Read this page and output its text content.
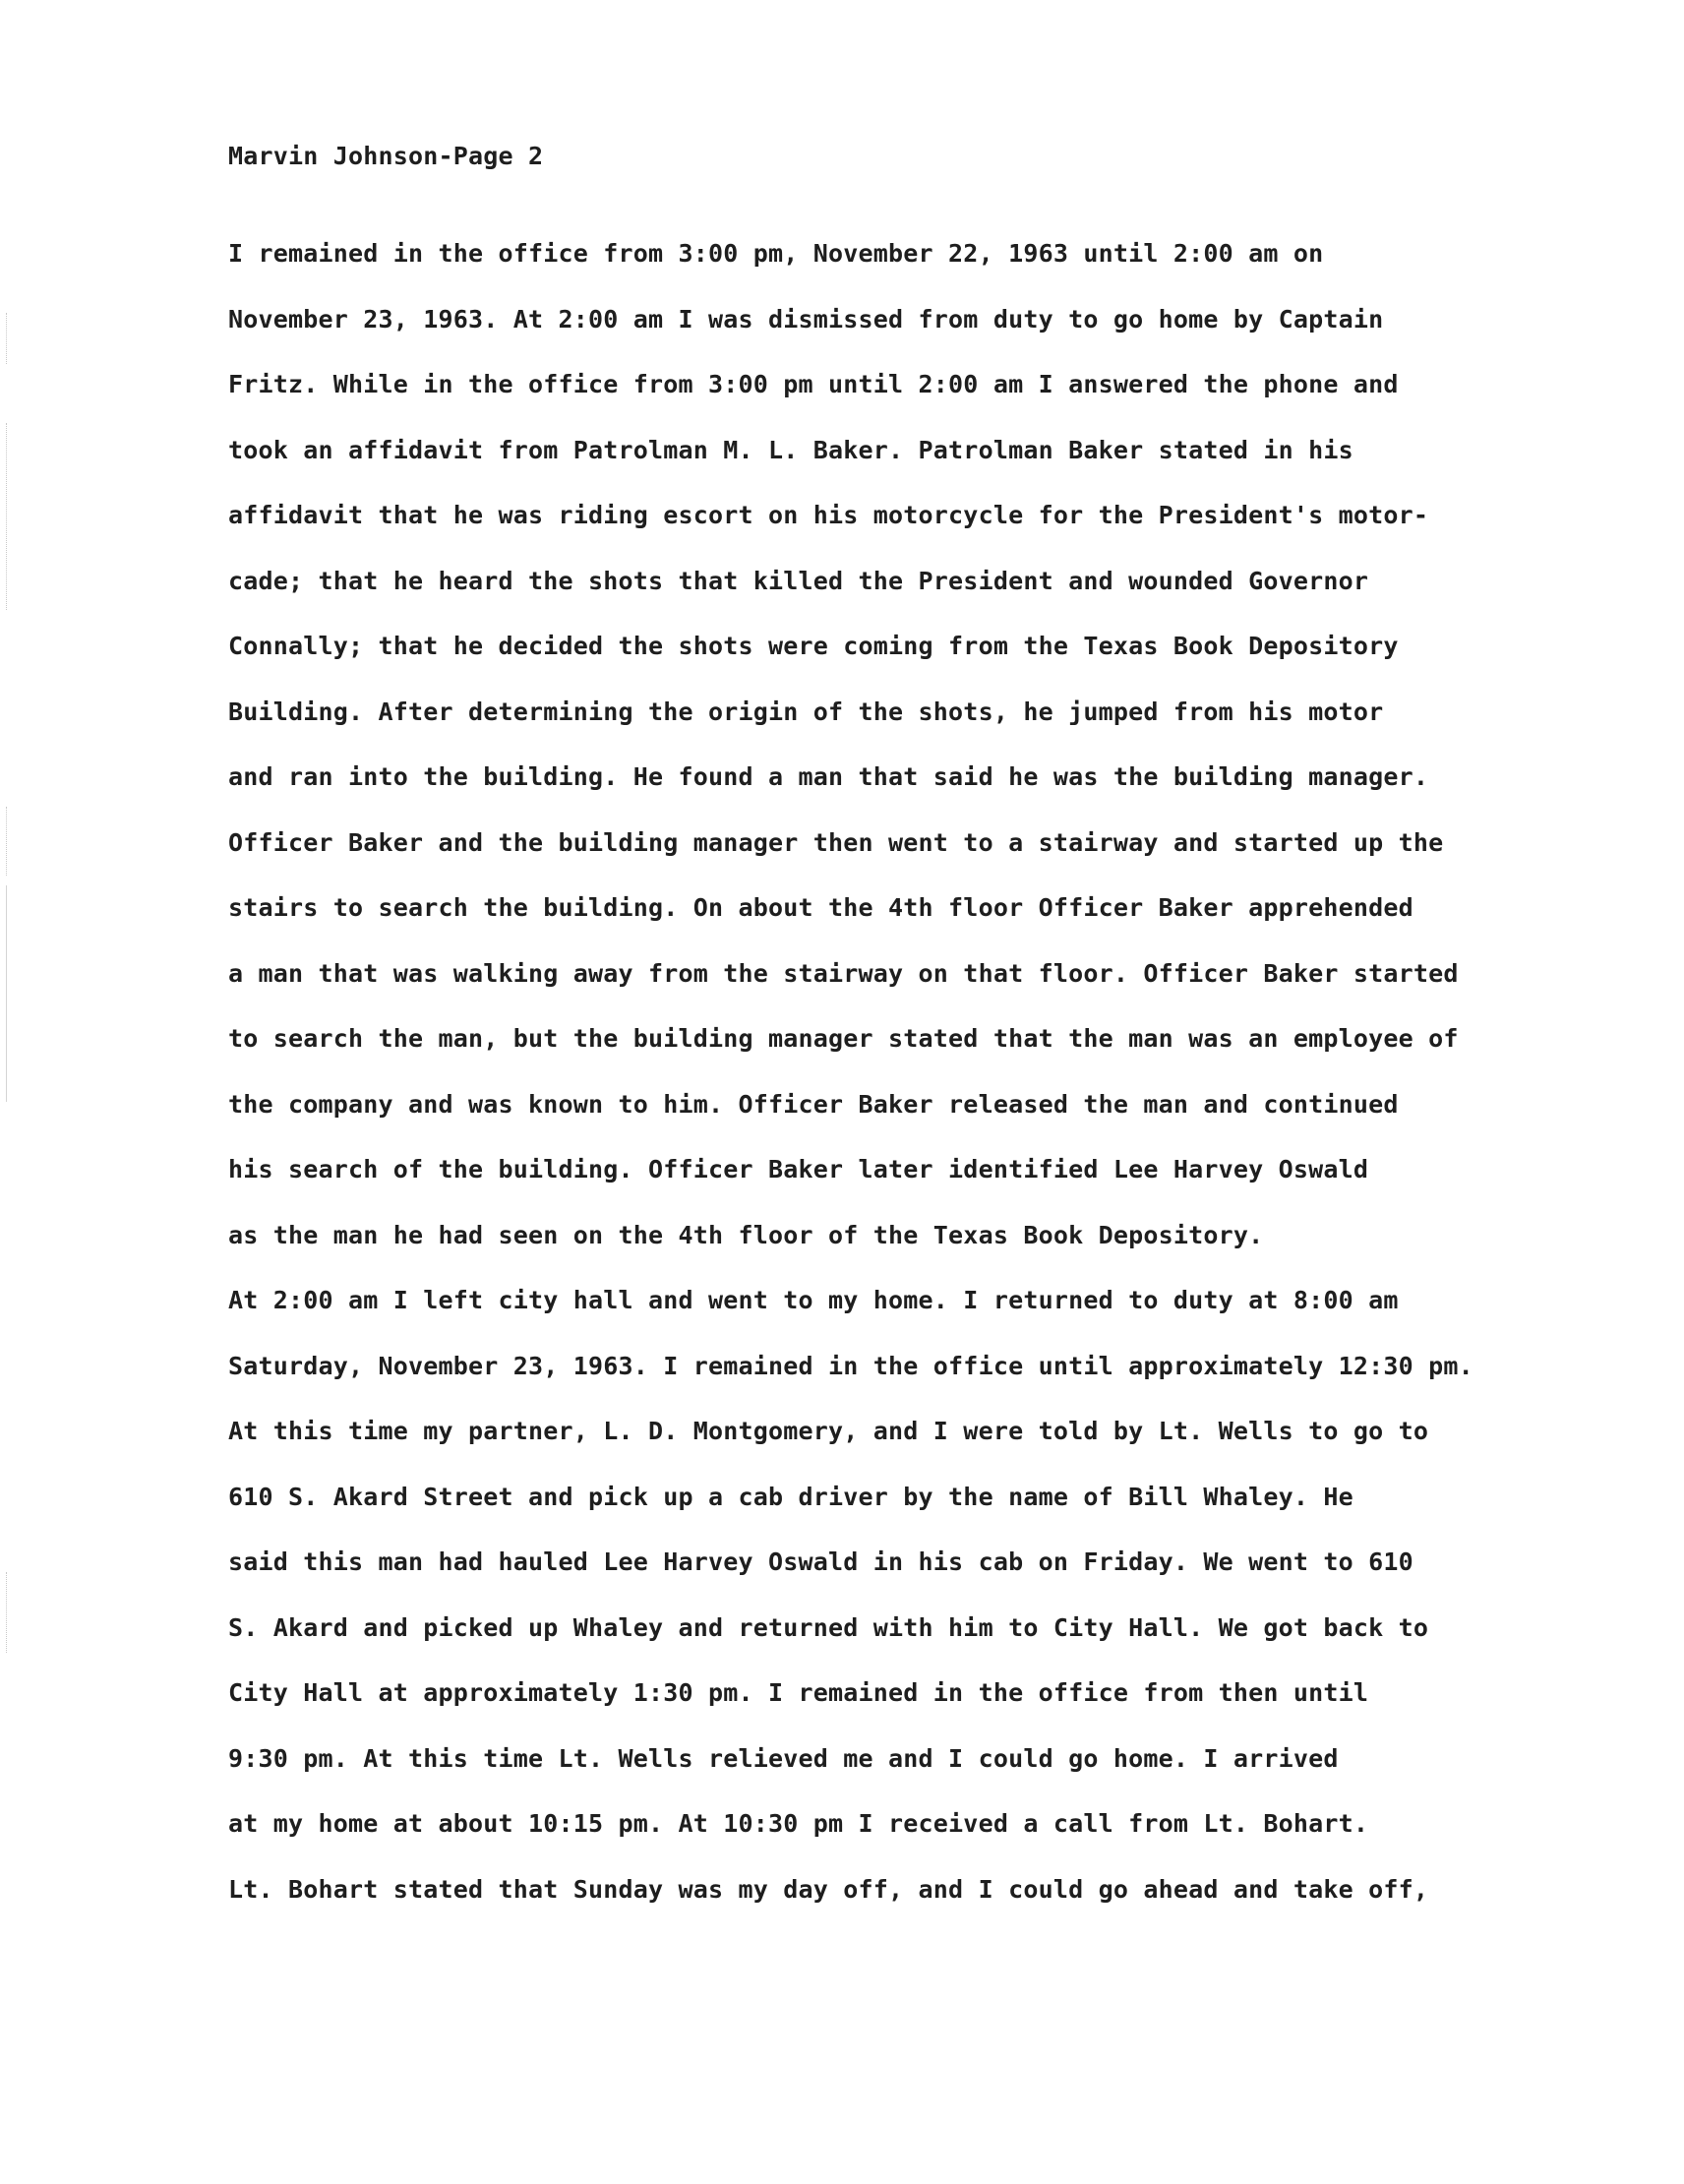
Marvin Johnson-Page 2
I remained in the office from 3:00 pm, November 22, 1963 until 2:00 am on
November 23, 1963. At 2:00 am I was dismissed from duty to go home by Captain
Fritz. While in the office from 3:00 pm until 2:00 am I answered the phone and
took an affidavit from Patrolman M. L. Baker. Patrolman Baker stated in his
affidavit that he was riding escort on his motorcycle for the President's motor-
cade; that he heard the shots that killed the President and wounded Governor
Connally; that he decided the shots were coming from the Texas Book Depository
Building. After determining the origin of the shots, he jumped from his motor
and ran into the building. He found a man that said he was the building manager.
Officer Baker and the building manager then went to a stairway and started up the
stairs to search the building. On about the 4th floor Officer Baker apprehended
a man that was walking away from the stairway on that floor. Officer Baker started
to search the man, but the building manager stated that the man was an employee of
the company and was known to him. Officer Baker released the man and continued
his search of the building. Officer Baker later identified Lee Harvey Oswald
as the man he had seen on the 4th floor of the Texas Book Depository.
At 2:00 am I left city hall and went to my home. I returned to duty at 8:00 am
Saturday, November 23, 1963. I remained in the office until approximately 12:30 pm.
At this time my partner, L. D. Montgomery, and I were told by Lt. Wells to go to
610 S. Akard Street and pick up a cab driver by the name of Bill Whaley. He
said this man had hauled Lee Harvey Oswald in his cab on Friday. We went to 610
S. Akard and picked up Whaley and returned with him to City Hall. We got back to
City Hall at approximately 1:30 pm. I remained in the office from then until
9:30 pm. At this time Lt. Wells relieved me and I could go home. I arrived
at my home at about 10:15 pm. At 10:30 pm I received a call from Lt. Bohart.
Lt. Bohart stated that Sunday was my day off, and I could go ahead and take off,
